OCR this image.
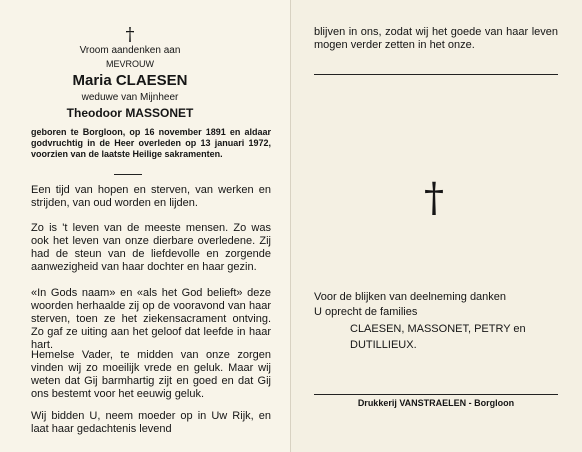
†
Vroom aandenken aan
MEVROUW
Maria CLAESEN
weduwe van Mijnheer
Theodoor MASSONET
geboren te Borgloon, op 16 november 1891 en aldaar godvruchtig in de Heer overleden op 13 januari 1972, voorzien van de laatste Heilige sakramenten.
Een tijd van hopen en sterven, van werken en strijden, van oud worden en lijden.
Zo is 't leven van de meeste mensen. Zo was ook het leven van onze dierbare overledene. Zij had de steun van de liefdevolle en zorgende aanwezigheid van haar dochter en haar gezin.
«In Gods naam» en «als het God belieft» deze woorden herhaalde zij op de vooravond van haar sterven, toen ze het ziekensacrament ontving. Zo gaf ze uiting aan het geloof dat leefde in haar hart.
Hemelse Vader, te midden van onze zorgen vinden wij zo moeilijk vrede en geluk. Maar wij weten dat Gij barmhartig zijt en goed en dat Gij ons bestemt voor het eeuwig geluk.
Wij bidden U, neem moeder op in Uw Rijk, en laat haar gedachtenis levend
blijven in ons, zodat wij het goede van haar leven mogen verder zetten in het onze.
†
Voor de blijken van deelneming danken
U oprecht de families
CLAESEN, MASSONET, PETRY en
DUTILLIEUX.
Drukkerij VANSTRAELEN - Borgloon
